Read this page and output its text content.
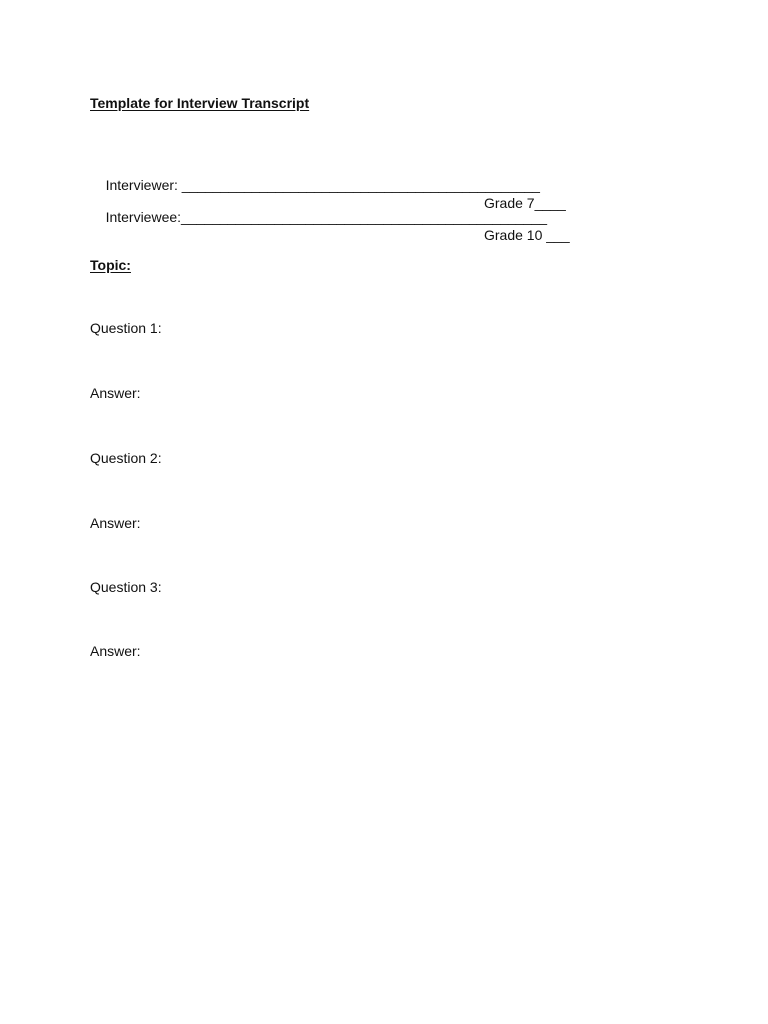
Template for Interview Transcript

Interviewer: ______________________________________________

Grade 7____

Interviewee:_______________________________________________

Grade 10 ___

Topic:
Question 1:
Answer:
Question 2:
Answer:
Question 3:
Answer:
